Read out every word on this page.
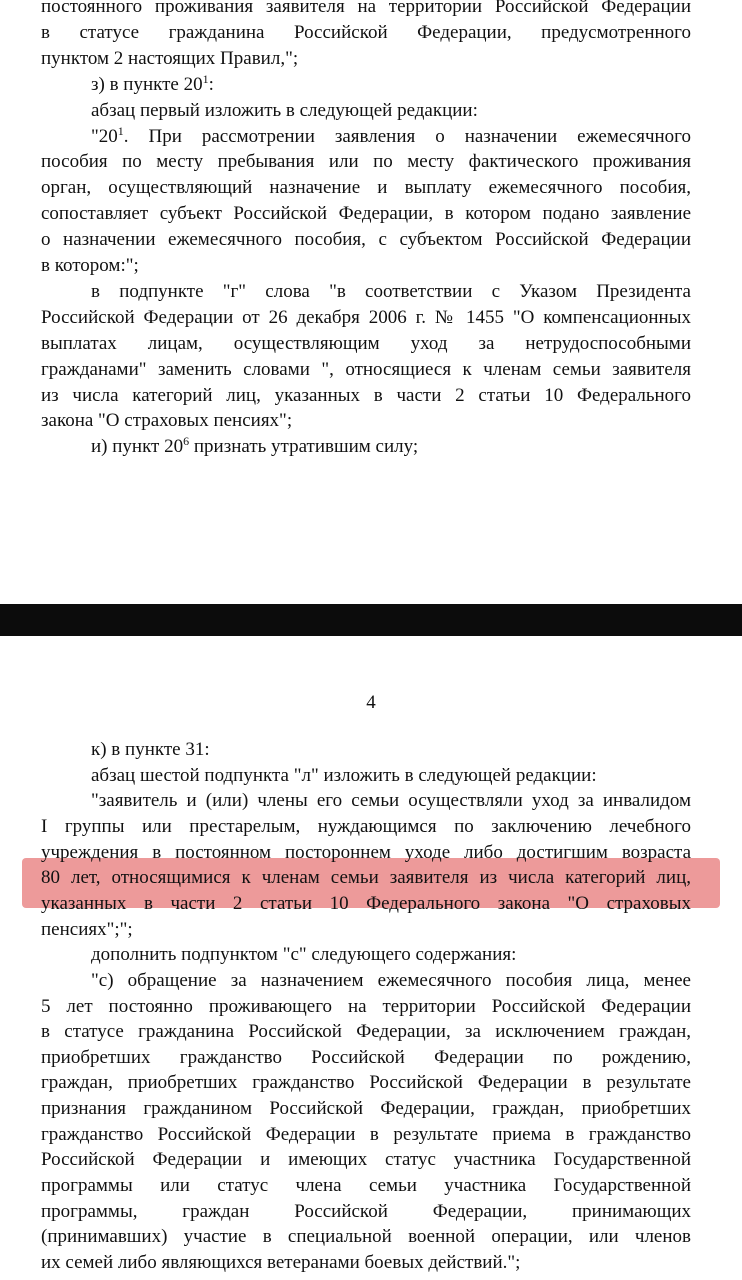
4
постоянного проживания заявителя на территории Российской Федерации
в статусе гражданина Российской Федерации, предусмотренного
пунктом 2 настоящих Правил,";
з) в пункте $20^1$:
абзац первый изложить в следующей редакции:
"$20^1$. При рассмотрении заявления о назначении ежемесячного
пособия по месту пребывания или по месту фактического проживания
орган, осуществляющий назначение и выплату ежемесячного пособия,
сопоставляет субъект Российской Федерации, в котором подано заявление
о назначении ежемесячного пособия, с субъектом Российской Федерации
в котором:";
в подпункте "г" слова "в соответствии с Указом Президента
Российской Федерации от 26 декабря 2006 г. № 1455 "О компенсационных
выплатах лицам, осуществляющим уход за нетрудоспособными
гражданами" заменить словами ", относящиеся к членам семьи заявителя
из числа категорий лиц, указанных в части 2 статьи 10 Федерального
закона "О страховых пенсиях";
и) пункт $20^6$ признать утратившим силу;
к) в пункте 31:
абзац шестой подпункта "л" изложить в следующей редакции:
"заявитель и (или) члены его семьи осуществляли уход за инвалидом
I группы или престарелым, нуждающимся по заключению лечебного
учреждения в постоянном постороннем уходе либо достигшим возраста
80 лет, относящимися к членам семьи заявителя из числа категорий лиц,
указанных в части 2 статьи 10 Федерального закона "О страховых
пенсиях";";
дополнить подпунктом "с" следующего содержания:
"с) обращение за назначением ежемесячного пособия лица, менее
5 лет постоянно проживающего на территории Российской Федерации
в статусе гражданина Российской Федерации, за исключением граждан,
приобретших гражданство Российской Федерации по рождению,
граждан, приобретших гражданство Российской Федерации в результате
признания гражданином Российской Федерации, граждан, приобретших
гражданство Российской Федерации в результате приема в гражданство
Российской Федерации и имеющих статус участника Государственной
программы или статус члена семьи участника Государственной
программы, граждан Российской Федерации, принимающих
(принимавших) участие в специальной военной операции, или членов
их семей либо являющихся ветеранами боевых действий.";
